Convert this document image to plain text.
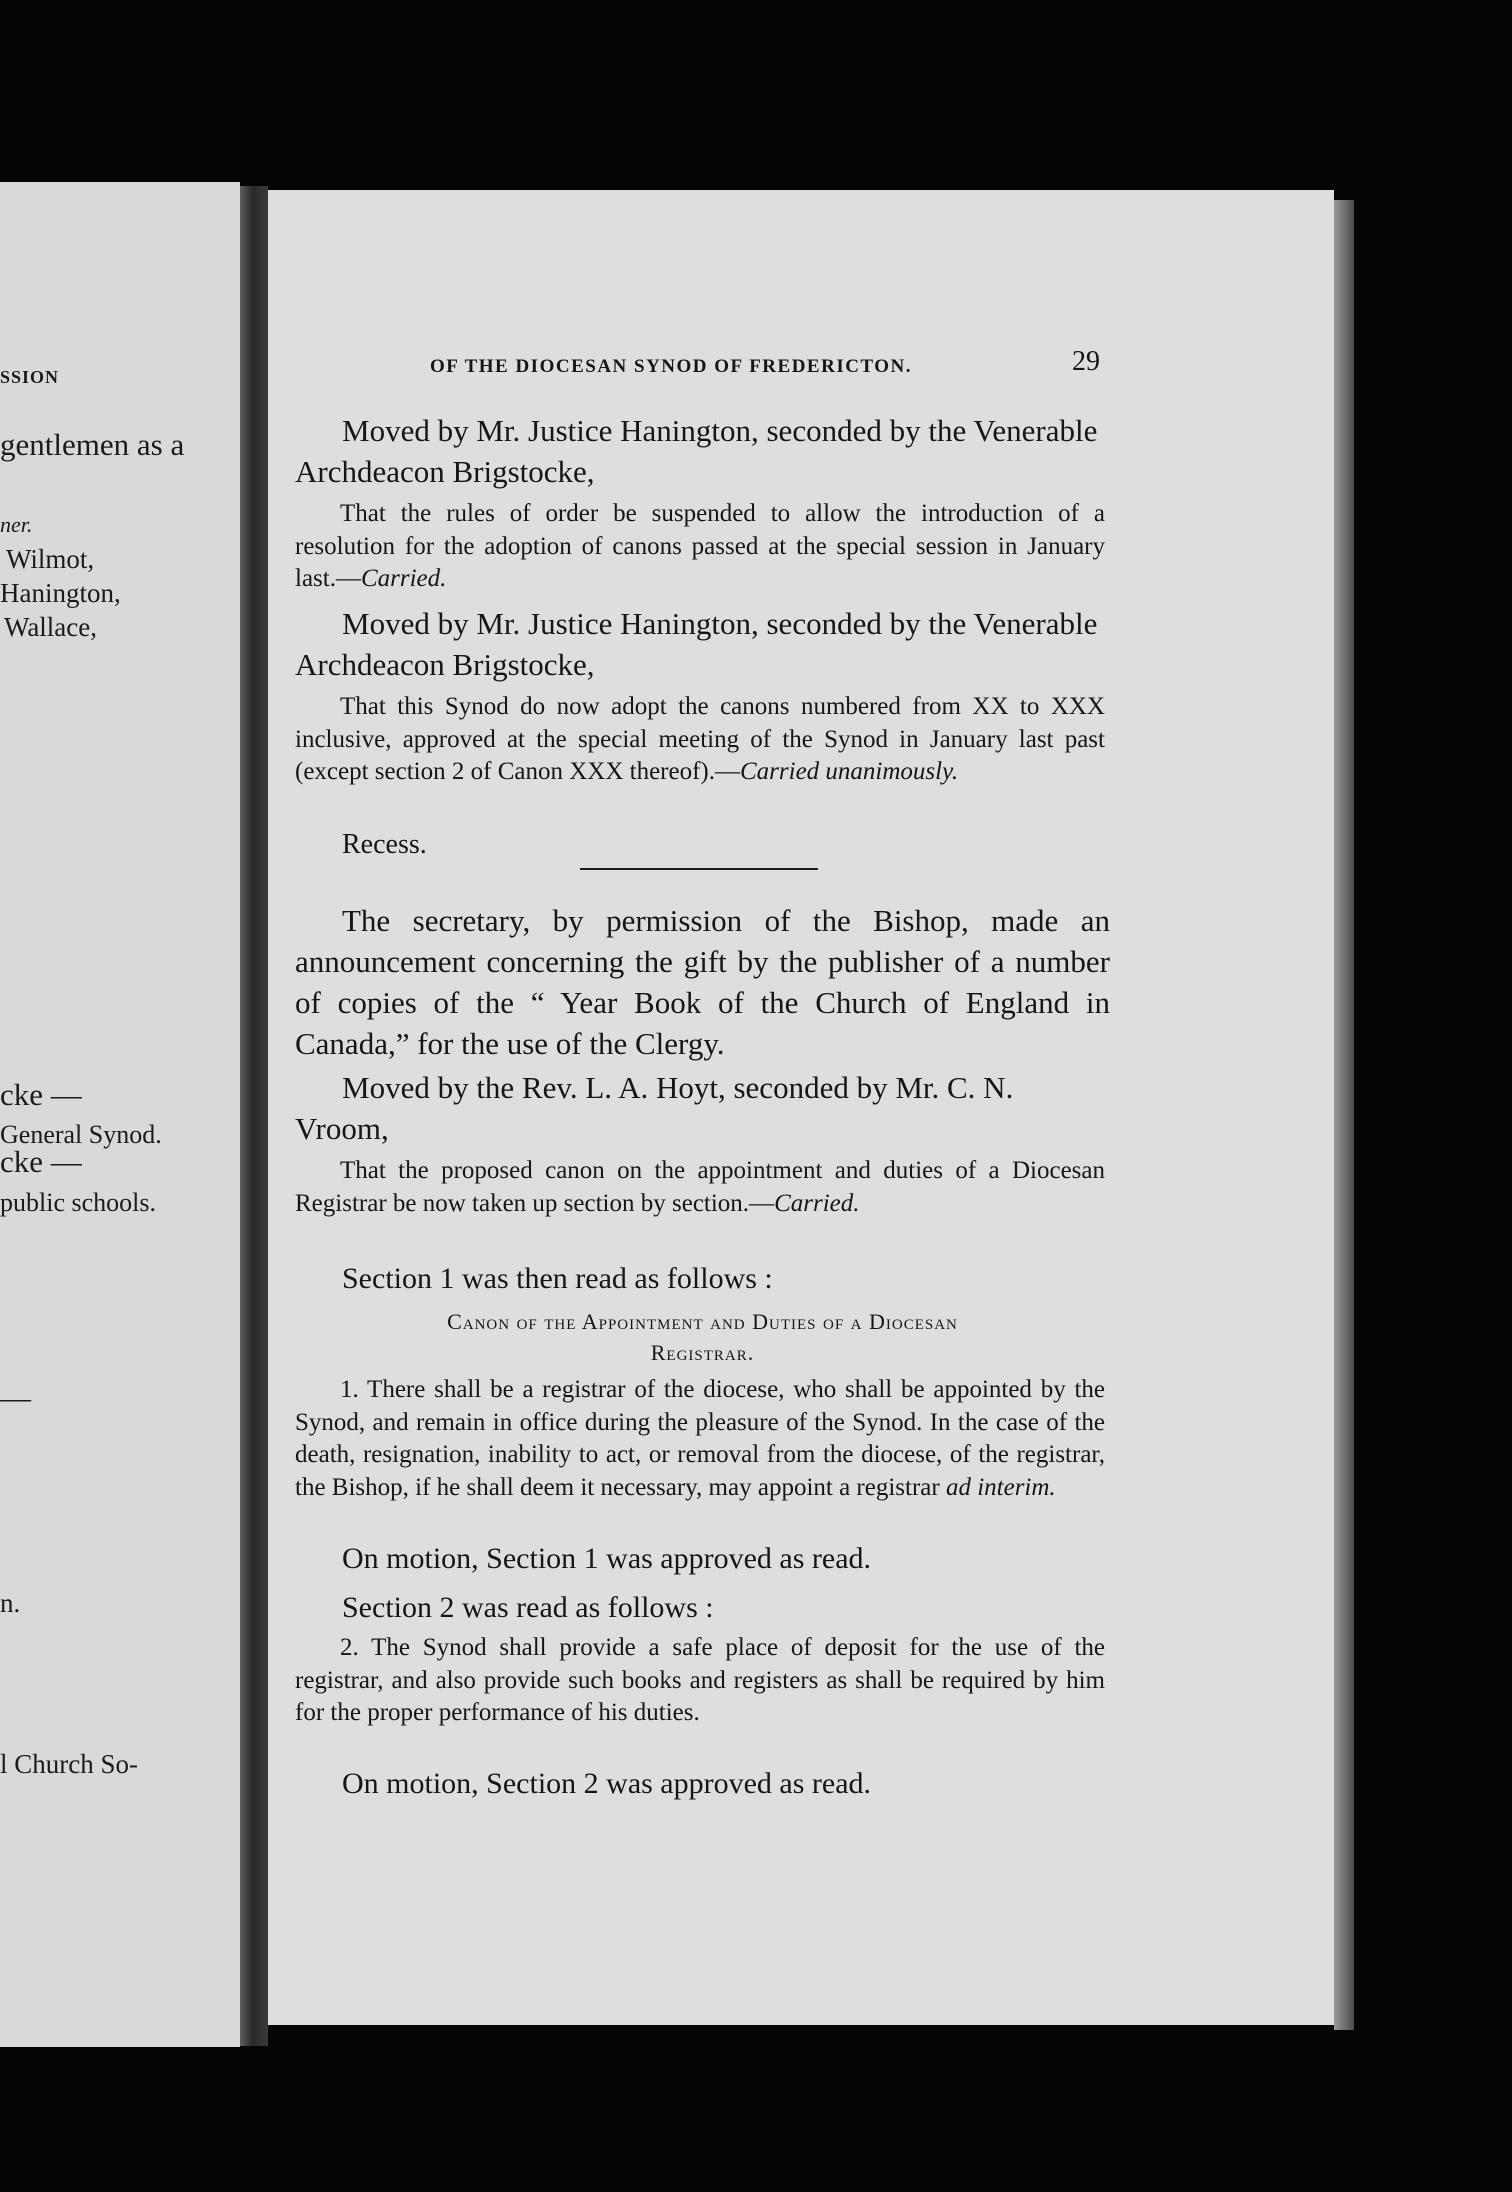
SSION
gentlemen as a
ner.
Wilmot,
Hanington,
Wallace,
cke —
General Synod.
cke —
public schools.
—
n.
l Church So-
OF THE DIOCESAN SYNOD OF FREDERICTON.	29
Moved by Mr. Justice Hanington, seconded by the Venerable Archdeacon Brigstocke,
That the rules of order be suspended to allow the introduction of a resolution for the adoption of canons passed at the special session in January last.—Carried.
Moved by Mr. Justice Hanington, seconded by the Venerable Archdeacon Brigstocke,
That this Synod do now adopt the canons numbered from XX to XXX inclusive, approved at the special meeting of the Synod in January last past (except section 2 of Canon XXX thereof).—Carried unanimously.
Recess.
The secretary, by permission of the Bishop, made an announcement concerning the gift by the publisher of a number of copies of the “ Year Book of the Church of England in Canada,” for the use of the Clergy.
Moved by the Rev. L. A. Hoyt, seconded by Mr. C. N. Vroom,
That the proposed canon on the appointment and duties of a Diocesan Registrar be now taken up section by section.—Carried.
Section 1 was then read as follows :
Canon of the Appointment and Duties of a Diocesan
Registrar.
1. There shall be a registrar of the diocese, who shall be appointed by the Synod, and remain in office during the pleasure of the Synod. In the case of the death, resignation, inability to act, or removal from the diocese, of the registrar, the Bishop, if he shall deem it necessary, may appoint a registrar ad interim.
On motion, Section 1 was approved as read.
Section 2 was read as follows :
2. The Synod shall provide a safe place of deposit for the use of the registrar, and also provide such books and registers as shall be required by him for the proper performance of his duties.
On motion, Section 2 was approved as read.
